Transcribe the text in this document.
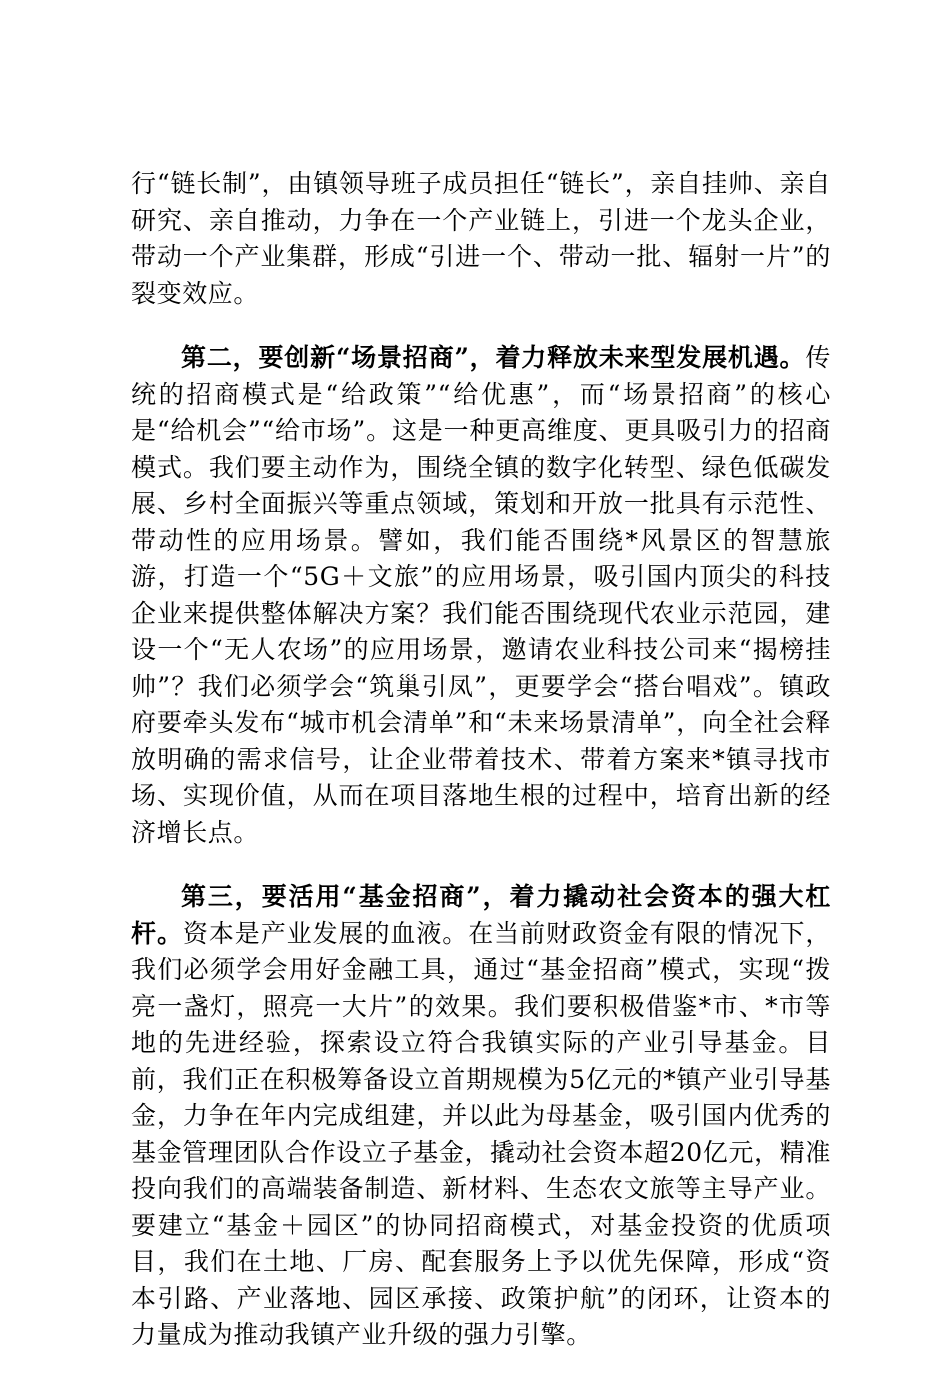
行“链长制”，由镇领导班子成员担任“链长”，亲自挂帅、亲自研究、亲自推动，力争在一个产业链上，引进一个龙头企业，带动一个产业集群，形成“引进一个、带动一批、辐射一片”的裂变效应。

第二，要创新“场景招商”，着力释放未来型发展机遇。传统的招商模式是“给政策”“给优惠”，而“场景招商”的核心是“给机会”“给市场”。这是一种更高维度、更具吸引力的招商模式。我们要主动作为，围绕全镇的数字化转型、绿色低碳发展、乡村全面振兴等重点领域，策划和开放一批具有示范性、带动性的应用场景。譬如，我们能否围绕*风景区的智慧旅游，打造一个“5G＋文旅”的应用场景，吸引国内顶尖的科技企业来提供整体解决方案？我们能否围绕现代农业示范园，建设一个“无人农场”的应用场景，邀请农业科技公司来“揭榜挂帅”？我们必须学会“筑巢引凤”，更要学会“搭台唱戏”。镇政府要牵头发布“城市机会清单”和“未来场景清单”，向全社会释放明确的需求信号，让企业带着技术、带着方案来*镇寻找市场、实现价值，从而在项目落地生根的过程中，培育出新的经济增长点。

第三，要活用“基金招商”，着力撬动社会资本的强大杠杆。资本是产业发展的血液。在当前财政资金有限的情况下，我们必须学会用好金融工具，通过“基金招商”模式，实现“拨亮一盏灯，照亮一大片”的效果。我们要积极借鉴*市、*市等地的先进经验，探索设立符合我镇实际的产业引导基金。目前，我们正在积极筹备设立首期规模为5亿元的*镇产业引导基金，力争在年内完成组建，并以此为母基金，吸引国内优秀的基金管理团队合作设立子基金，撬动社会资本超20亿元，精准投向我们的高端装备制造、新材料、生态农文旅等主导产业。要建立“基金＋园区”的协同招商模式，对基金投资的优质项目，我们在土地、厂房、配套服务上予以优先保障，形成“资本引路、产业落地、园区承接、政策护航”的闭环，让资本的力量成为推动我镇产业升级的强力引擎。
